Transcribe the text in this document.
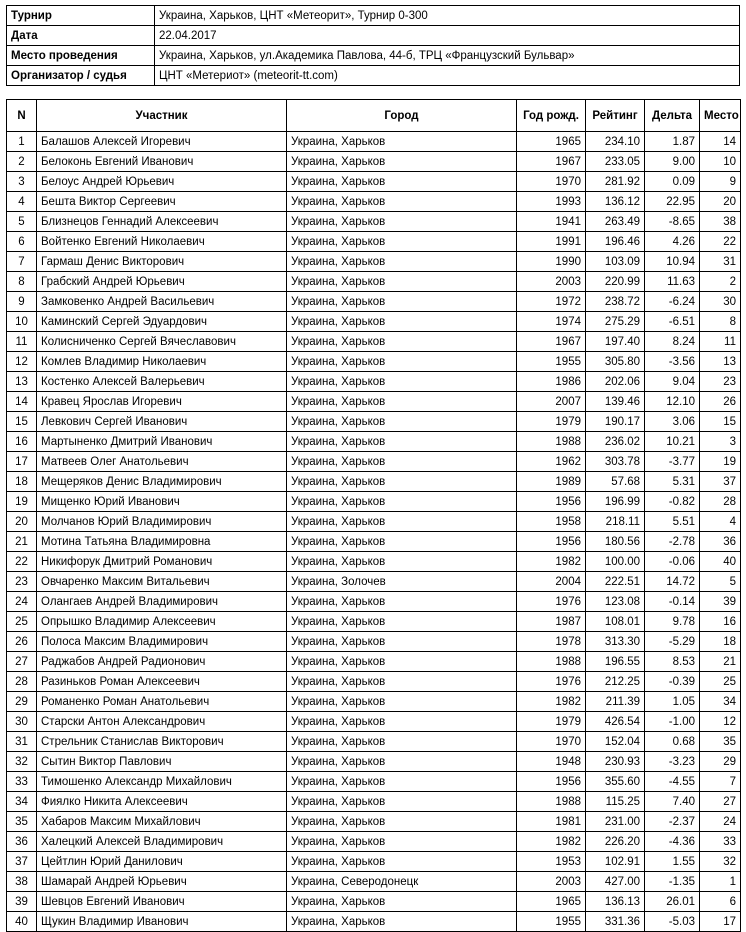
Турнир	Украина, Харьков, ЦНТ «Метеорит», Турнир 0-300
Дата	22.04.2017
Место проведения	Украина, Харьков, ул.Академика Павлова, 44-б, ТРЦ «Французский Бульвар»
Организатор / судья	ЦНТ «Метериот» (meteorit-tt.com)
N	Участник	Город	Год рожд.	Рейтинг	Дельта	Место
1	Балашов Алексей Игоревич	Украина, Харьков	1965	234.10	1.87	14
2	Белоконь Евгений Иванович	Украина, Харьков	1967	233.05	9.00	10
3	Белоус Андрей Юрьевич	Украина, Харьков	1970	281.92	0.09	9
4	Бешта Виктор Сергеевич	Украина, Харьков	1993	136.12	22.95	20
5	Близнецов Геннадий Алексеевич	Украина, Харьков	1941	263.49	-8.65	38
6	Войтенко Евгений Николаевич	Украина, Харьков	1991	196.46	4.26	22
7	Гармаш Денис Викторович	Украина, Харьков	1990	103.09	10.94	31
8	Грабский Андрей Юрьевич	Украина, Харьков	2003	220.99	11.63	2
9	Замковенко Андрей Васильевич	Украина, Харьков	1972	238.72	-6.24	30
10	Каминский Сергей Эдуардович	Украина, Харьков	1974	275.29	-6.51	8
11	Колисниченко Сергей Вячеславович	Украина, Харьков	1967	197.40	8.24	11
12	Комлев Владимир Николаевич	Украина, Харьков	1955	305.80	-3.56	13
13	Костенко Алексей Валерьевич	Украина, Харьков	1986	202.06	9.04	23
14	Кравец Ярослав Игоревич	Украина, Харьков	2007	139.46	12.10	26
15	Левкович Сергей Иванович	Украина, Харьков	1979	190.17	3.06	15
16	Мартыненко Дмитрий Иванович	Украина, Харьков	1988	236.02	10.21	3
17	Матвеев Олег Анатольевич	Украина, Харьков	1962	303.78	-3.77	19
18	Мещеряков Денис Владимирович	Украина, Харьков	1989	57.68	5.31	37
19	Мищенко Юрий Иванович	Украина, Харьков	1956	196.99	-0.82	28
20	Молчанов Юрий Владимирович	Украина, Харьков	1958	218.11	5.51	4
21	Мотина Татьяна Владимировна	Украина, Харьков	1956	180.56	-2.78	36
22	Никифорук Дмитрий Романович	Украина, Харьков	1982	100.00	-0.06	40
23	Овчаренко Максим Витальевич	Украина, Золочев	2004	222.51	14.72	5
24	Олангаев Андрей Владимирович	Украина, Харьков	1976	123.08	-0.14	39
25	Опрышко Владимир Алексеевич	Украина, Харьков	1987	108.01	9.78	16
26	Полоса Максим Владимирович	Украина, Харьков	1978	313.30	-5.29	18
27	Раджабов Андрей Радионович	Украина, Харьков	1988	196.55	8.53	21
28	Разиньков Роман Алексеевич	Украина, Харьков	1976	212.25	-0.39	25
29	Романенко Роман Анатольевич	Украина, Харьков	1982	211.39	1.05	34
30	Старски Антон Александрович	Украина, Харьков	1979	426.54	-1.00	12
31	Стрельник Станислав Викторович	Украина, Харьков	1970	152.04	0.68	35
32	Сытин Виктор Павлович	Украина, Харьков	1948	230.93	-3.23	29
33	Тимошенко Александр Михайлович	Украина, Харьков	1956	355.60	-4.55	7
34	Фиялко Никита Алексеевич	Украина, Харьков	1988	115.25	7.40	27
35	Хабаров Максим Михайлович	Украина, Харьков	1981	231.00	-2.37	24
36	Халецкий Алексей Владимирович	Украина, Харьков	1982	226.20	-4.36	33
37	Цейтлин Юрий Данилович	Украина, Харьков	1953	102.91	1.55	32
38	Шамарай Андрей Юрьевич	Украина, Северодонецк	2003	427.00	-1.35	1
39	Шевцов Евгений Иванович	Украина, Харьков	1965	136.13	26.01	6
40	Щукин Владимир Иванович	Украина, Харьков	1955	331.36	-5.03	17
